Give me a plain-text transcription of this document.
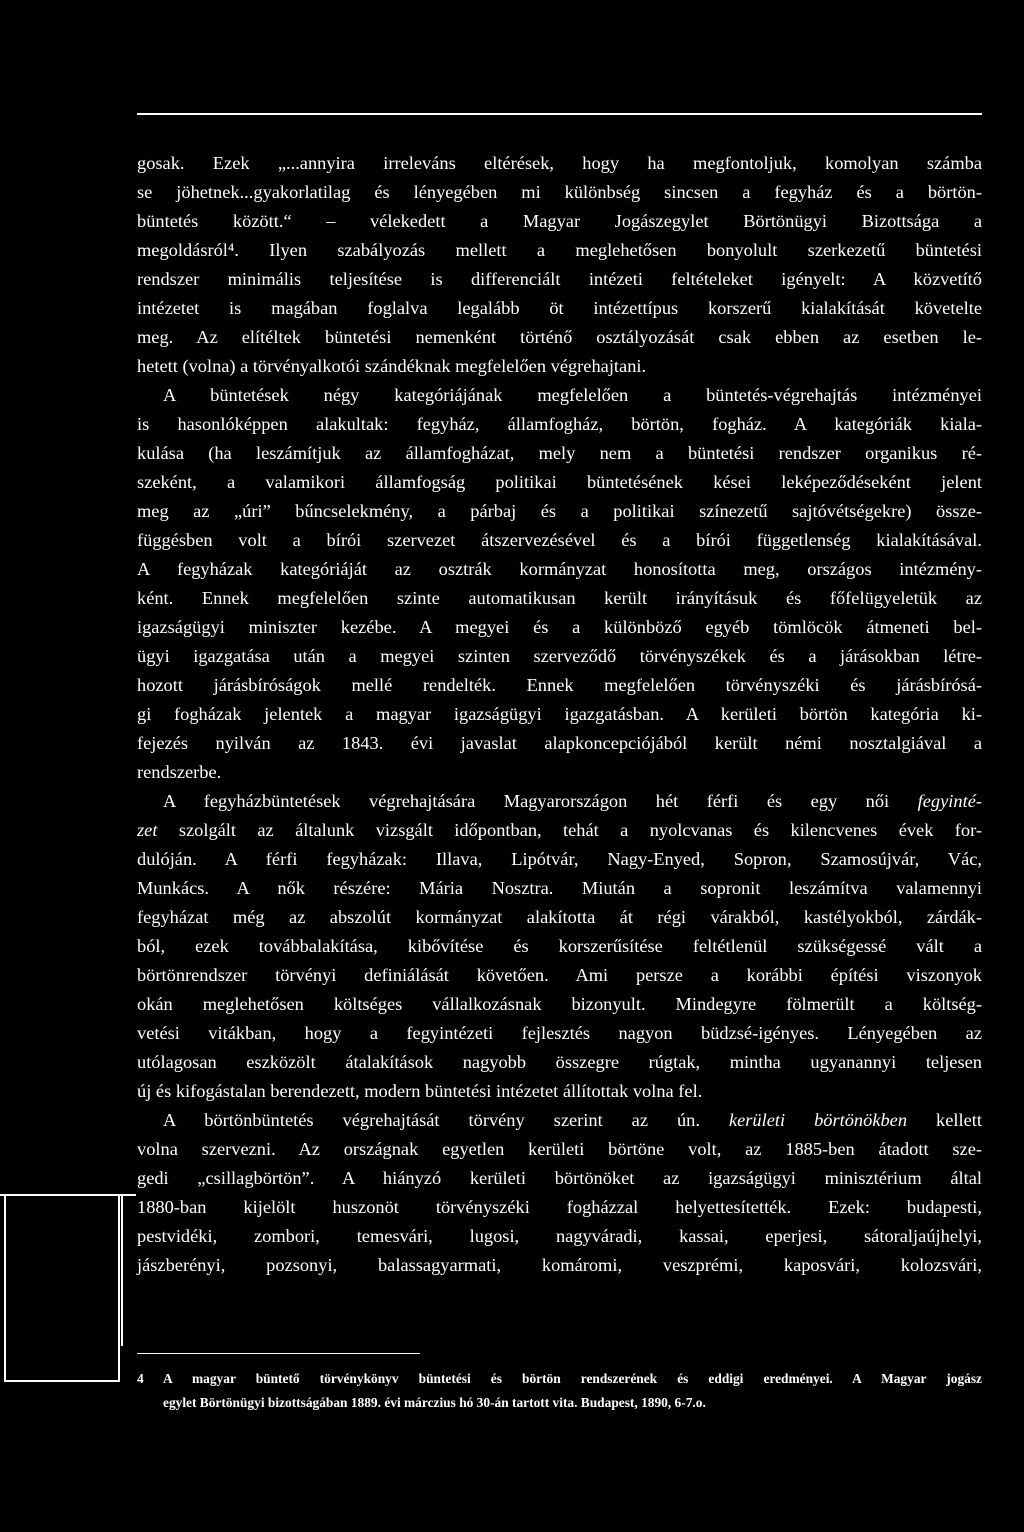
gosak. Ezek „...annyira irreleváns eltérések, hogy ha megfontoljuk, komolyan számba
se jöhetnek...gyakorlatilag és lényegében mi különbség sincsen a fegyház és a börtön-
büntetés között.“ – vélekedett a Magyar Jogászegylet Börtönügyi Bizottsága a
megoldásról⁴. Ilyen szabályozás mellett a meglehetősen bonyolult szerkezetű büntetési
rendszer minimális teljesítése is differenciált intézeti feltételeket igényelt: A közvetítő
intézetet is magában foglalva legalább öt intézettípus korszerű kialakítását követelte
meg. Az elítéltek büntetési nemenként történő osztályozását csak ebben az esetben le-
hetett (volna) a törvényalkotói szándéknak megfelelően végrehajtani.
A büntetések négy kategóriájának megfelelően a büntetés-végrehajtás intézményei
is hasonlóképpen alakultak: fegyház, államfogház, börtön, fogház. A kategóriák kiala-
kulása (ha leszámítjuk az államfogházat, mely nem a büntetési rendszer organikus ré-
szeként, a valamikori államfogság politikai büntetésének kései leképeződéseként jelent
meg az „úri” bűncselekmény, a párbaj és a politikai színezetű sajtóvétségekre) össze-
függésben volt a bírói szervezet átszervezésével és a bírói függetlenség kialakításával.
A fegyházak kategóriáját az osztrák kormányzat honosította meg, országos intézmény-
ként. Ennek megfelelően szinte automatikusan került irányításuk és főfelügyeletük az
igazságügyi miniszter kezébe. A megyei és a különböző egyéb tömlöcök átmeneti bel-
ügyi igazgatása után a megyei szinten szerveződő törvényszékek és a járásokban létre-
hozott járásbíróságok mellé rendelték. Ennek megfelelően törvényszéki és járásbírósá-
gi fogházak jelentek a magyar igazságügyi igazgatásban. A kerületi börtön kategória ki-
fejezés nyilván az 1843. évi javaslat alapkoncepciójából került némi nosztalgiával a
rendszerbe.
A fegyházbüntetések végrehajtására Magyarországon hét férfi és egy női fegyinté-
zet szolgált az általunk vizsgált időpontban, tehát a nyolcvanas és kilencvenes évek for-
dulóján. A férfi fegyházak: Illava, Lipótvár, Nagy-Enyed, Sopron, Szamosújvár, Vác,
Munkács. A nők részére: Mária Nosztra. Miután a sopronit leszámítva valamennyi
fegyházat még az abszolút kormányzat alakította át régi várakból, kastélyokból, zárdák-
ból, ezek továbbalakítása, kibővítése és korszerűsítése feltétlenül szükségessé vált a
börtönrendszer törvényi definiálását követően. Ami persze a korábbi építési viszonyok
okán meglehetősen költséges vállalkozásnak bizonyult. Mindegyre fölmerült a költség-
vetési vitákban, hogy a fegyintézeti fejlesztés nagyon büdzsé-igényes. Lényegében az
utólagosan eszközölt átalakítások nagyobb összegre rúgtak, mintha ugyanannyi teljesen
új és kifogástalan berendezett, modern büntetési intézetet állítottak volna fel.
A börtönbüntetés végrehajtását törvény szerint az ún. kerületi börtönökben kellett
volna szervezni. Az országnak egyetlen kerületi börtöne volt, az 1885-ben átadott sze-
gedi „csillagbörtön”. A hiányzó kerületi börtönöket az igazságügyi minisztérium által
1880-ban kijelölt huszonöt törvényszéki fogházzal helyettesítették. Ezek: budapesti,
pestvidéki, zombori, temesvári, lugosi, nagyváradi, kassai, eperjesi, sátoraljaújhelyi,
jászberényi, pozsonyi, balassagyarmati, komáromi, veszprémi, kaposvári, kolozsvári,
4 A magyar büntető törvénykönyv büntetési és börtön rendszerének és eddigi eredményei. A Magyar jogász
egylet Börtönügyi bizottságában 1889. évi márczius hó 30-án tartott vita. Budapest, 1890, 6-7.o.
